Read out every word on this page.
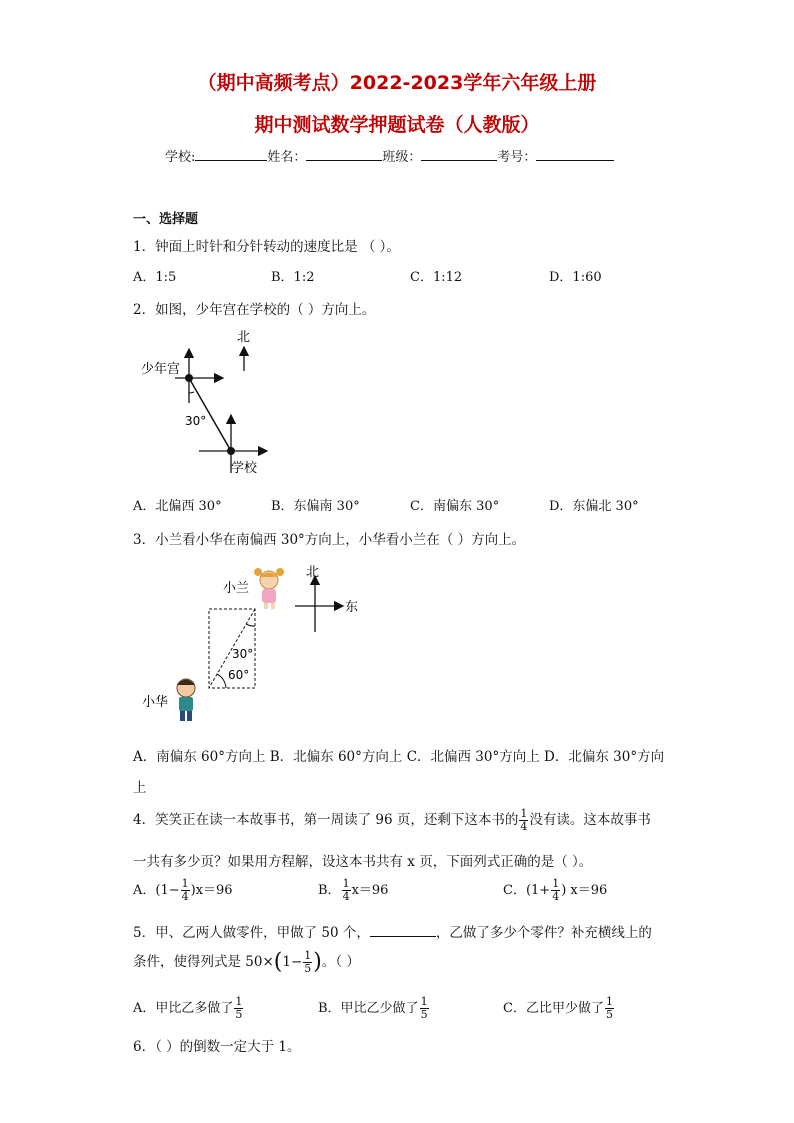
（期中高频考点）2022-2023学年六年级上册
期中测试数学押题试卷（人教版）
学校:	姓名：	班级：	考号：
一、选择题
1．钟面上时针和分针转动的速度比是 （ ）。
A．1:5	B．1:2	C．1:12	D．1:60
2．如图，少年宫在学校的（ ）方向上。
北
少年宫
30°
学校
A．北偏西 30°	B．东偏南 30°	C．南偏东 30°	D．东偏北 30°
3．小兰看小华在南偏西 30°方向上，小华看小兰在（ ）方向上。
小兰
北
东
30°
60°
小华
A．南偏东 60°方向上 B．北偏东 60°方向上 C．北偏西 30°方向上 D．北偏东 30°方向
上
4．笑笑正在读一本故事书，第一周读了 96 页，还剩下这本书的 $\frac{1}{4}$ 没有读。这本故事书
一共有多少页？如果用方程解，设这本书共有 x 页，下面列式正确的是（ ）。
A．$(1- \frac{1}{4} )x=96$	B． $\frac{1}{4} x=96$	C．($1+ \frac{1}{4}$ ) x＝96
5．甲、乙两人做零件，甲做了 50 个，	，乙做了多少个零件？补充横线上的
条件，使得列式是 $50\times(1- \frac{1}{5}$ )。（ ）
A．甲比乙多做了 $\frac{1}{5}$	B．甲比乙少做了 $\frac{1}{5}$	C．乙比甲少做了 $\frac{1}{5}$
6．（ ）的倒数一定大于 1。
